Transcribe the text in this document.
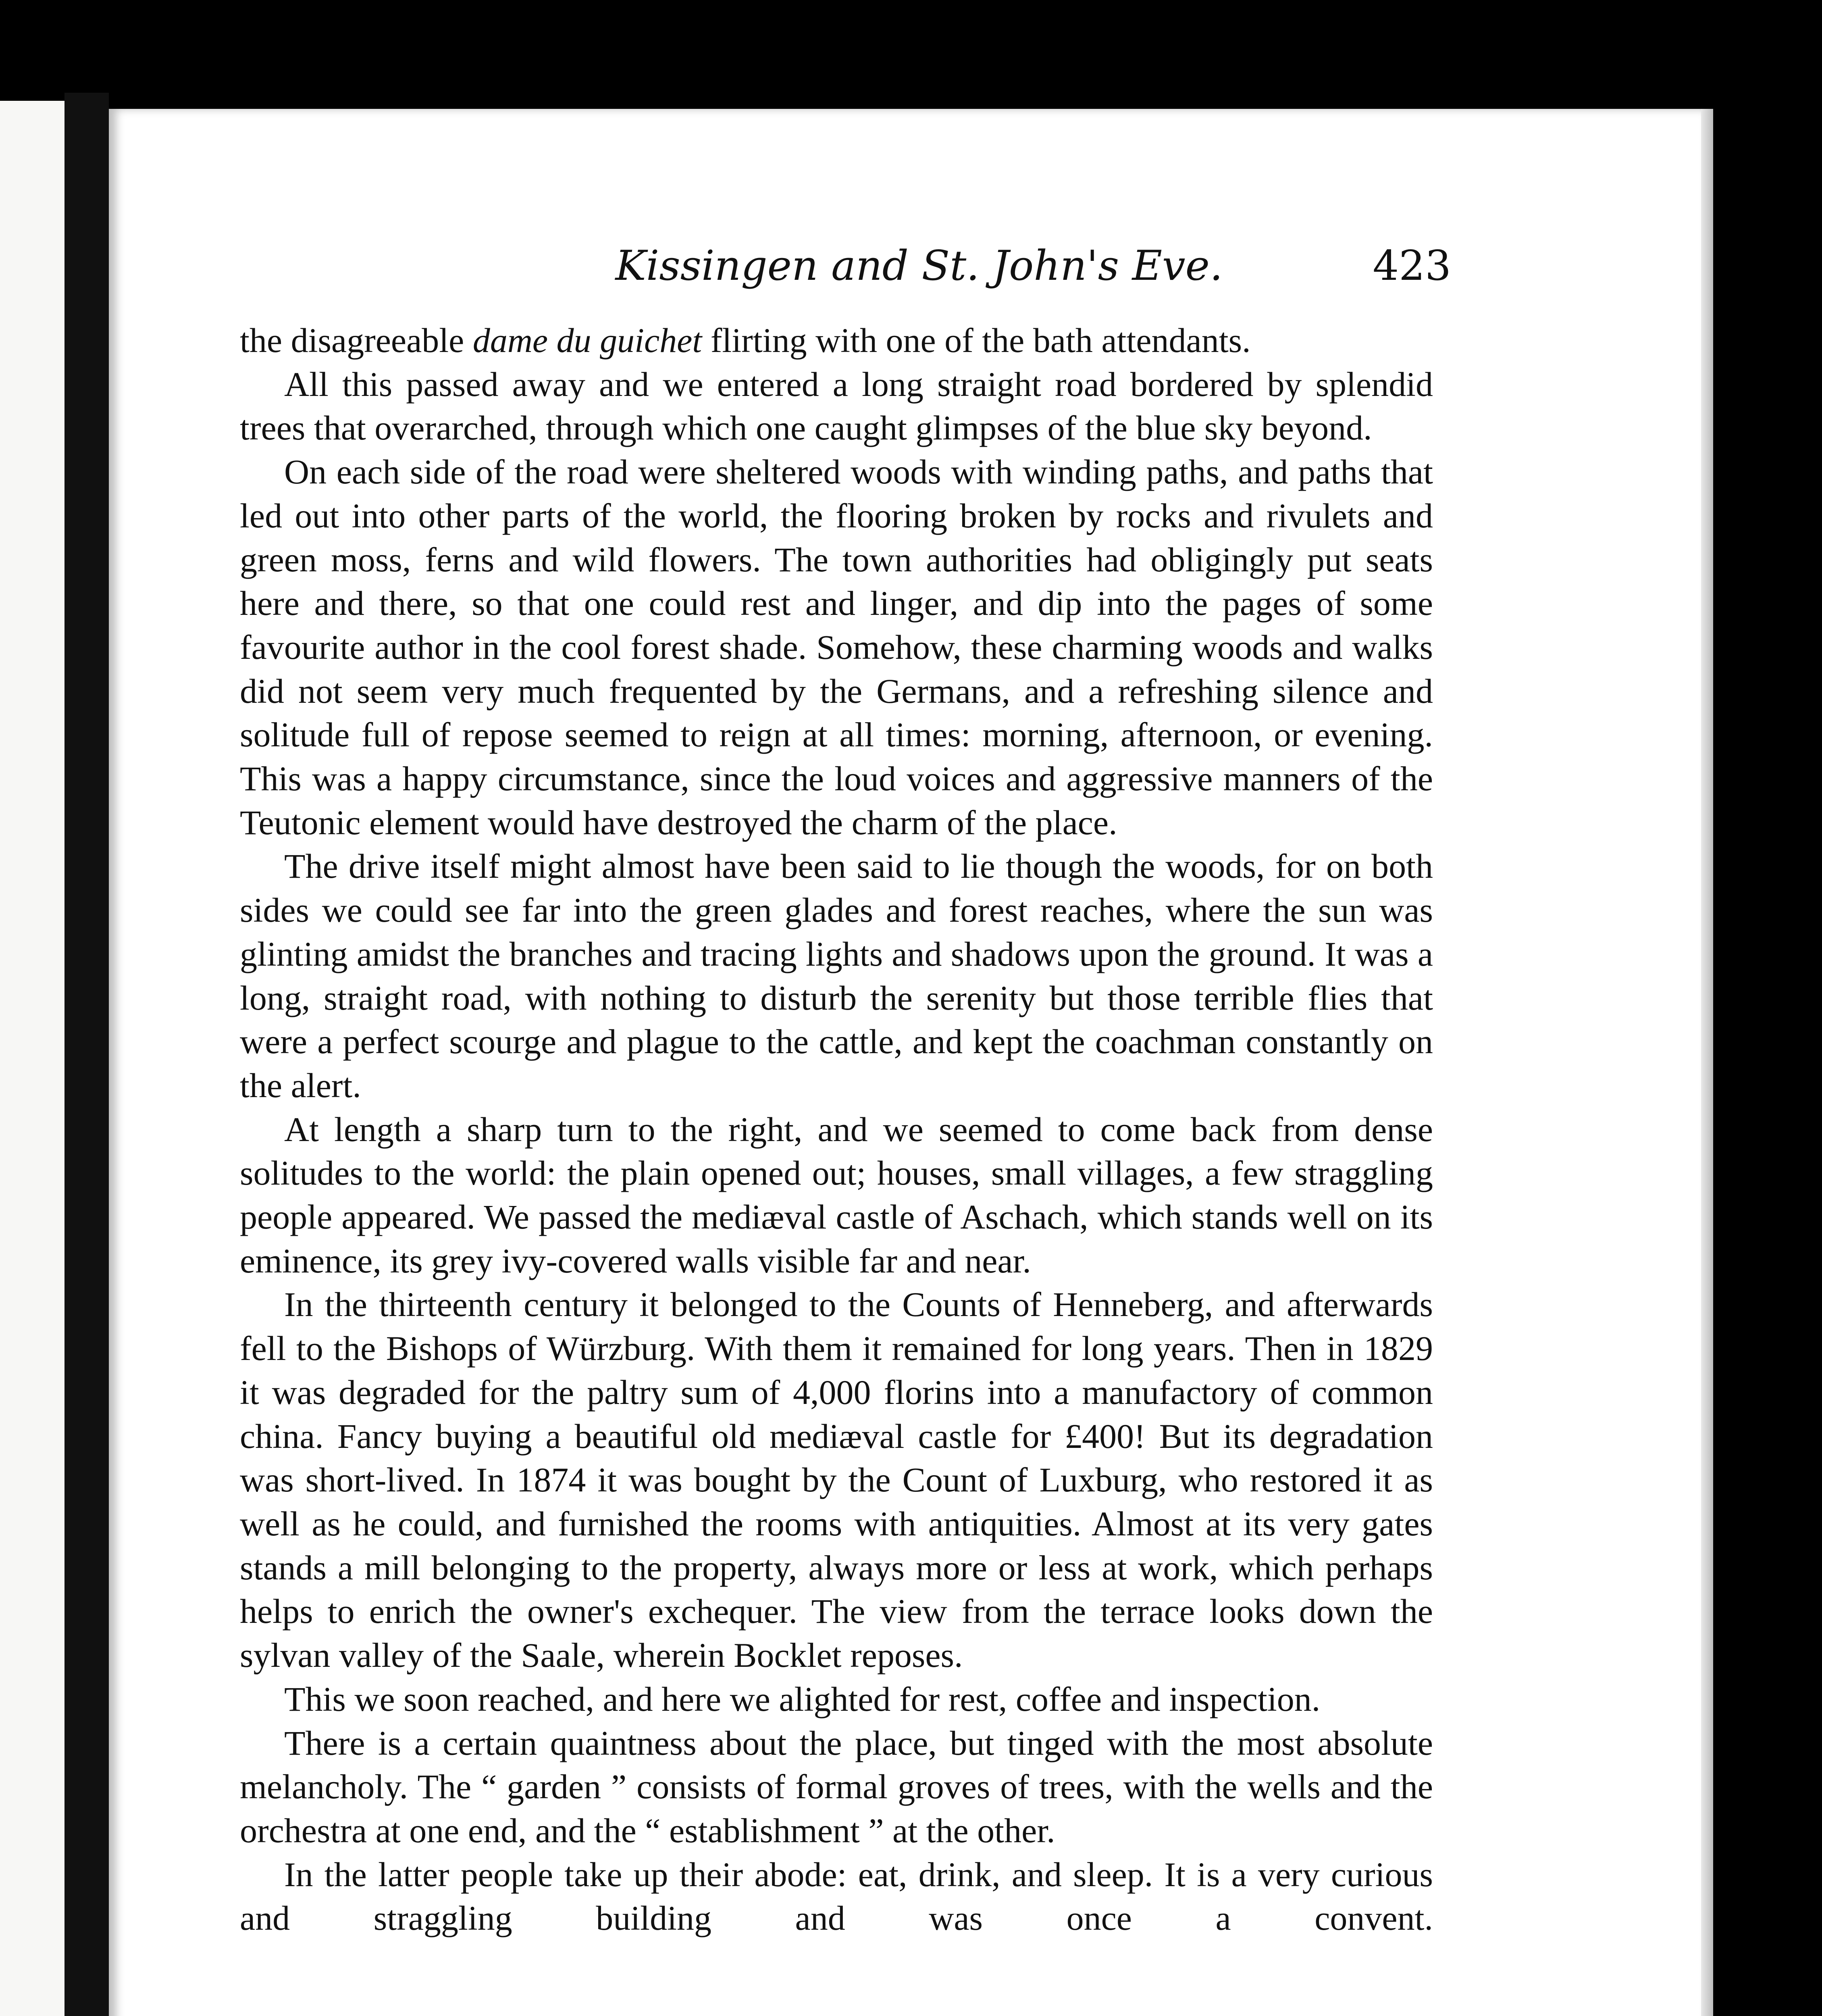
Kissingen and St. John's Eve.	423

the disagreeable dame du guichet flirting with one of the bath attendants.

All this passed away and we entered a long straight road bordered by splendid trees that overarched, through which one caught glimpses of the blue sky beyond.

On each side of the road were sheltered woods with winding paths, and paths that led out into other parts of the world, the flooring broken by rocks and rivulets and green moss, ferns and wild flowers. The town authorities had obligingly put seats here and there, so that one could rest and linger, and dip into the pages of some favourite author in the cool forest shade. Somehow, these charming woods and walks did not seem very much frequented by the Germans, and a refreshing silence and solitude full of repose seemed to reign at all times: morning, afternoon, or evening. This was a happy circumstance, since the loud voices and aggressive manners of the Teutonic element would have destroyed the charm of the place.

The drive itself might almost have been said to lie though the woods, for on both sides we could see far into the green glades and forest reaches, where the sun was glinting amidst the branches and tracing lights and shadows upon the ground. It was a long, straight road, with nothing to disturb the serenity but those terrible flies that were a perfect scourge and plague to the cattle, and kept the coachman constantly on the alert.

At length a sharp turn to the right, and we seemed to come back from dense solitudes to the world: the plain opened out; houses, small villages, a few straggling people appeared. We passed the mediæval castle of Aschach, which stands well on its eminence, its grey ivy-covered walls visible far and near.

In the thirteenth century it belonged to the Counts of Henneberg, and afterwards fell to the Bishops of Würzburg. With them it remained for long years. Then in 1829 it was degraded for the paltry sum of 4,000 florins into a manufactory of common china. Fancy buying a beautiful old mediæval castle for £400! But its degradation was short-lived. In 1874 it was bought by the Count of Luxburg, who restored it as well as he could, and furnished the rooms with antiquities. Almost at its very gates stands a mill belonging to the property, always more or less at work, which perhaps helps to enrich the owner's exchequer. The view from the terrace looks down the sylvan valley of the Saale, wherein Bocklet reposes.

This we soon reached, and here we alighted for rest, coffee and inspection.

There is a certain quaintness about the place, but tinged with the most absolute melancholy. The “ garden ” consists of formal groves of trees, with the wells and the orchestra at one end, and the “ establishment ” at the other.

In the latter people take up their abode: eat, drink, and sleep. It is a very curious and straggling building and was once a convent.
